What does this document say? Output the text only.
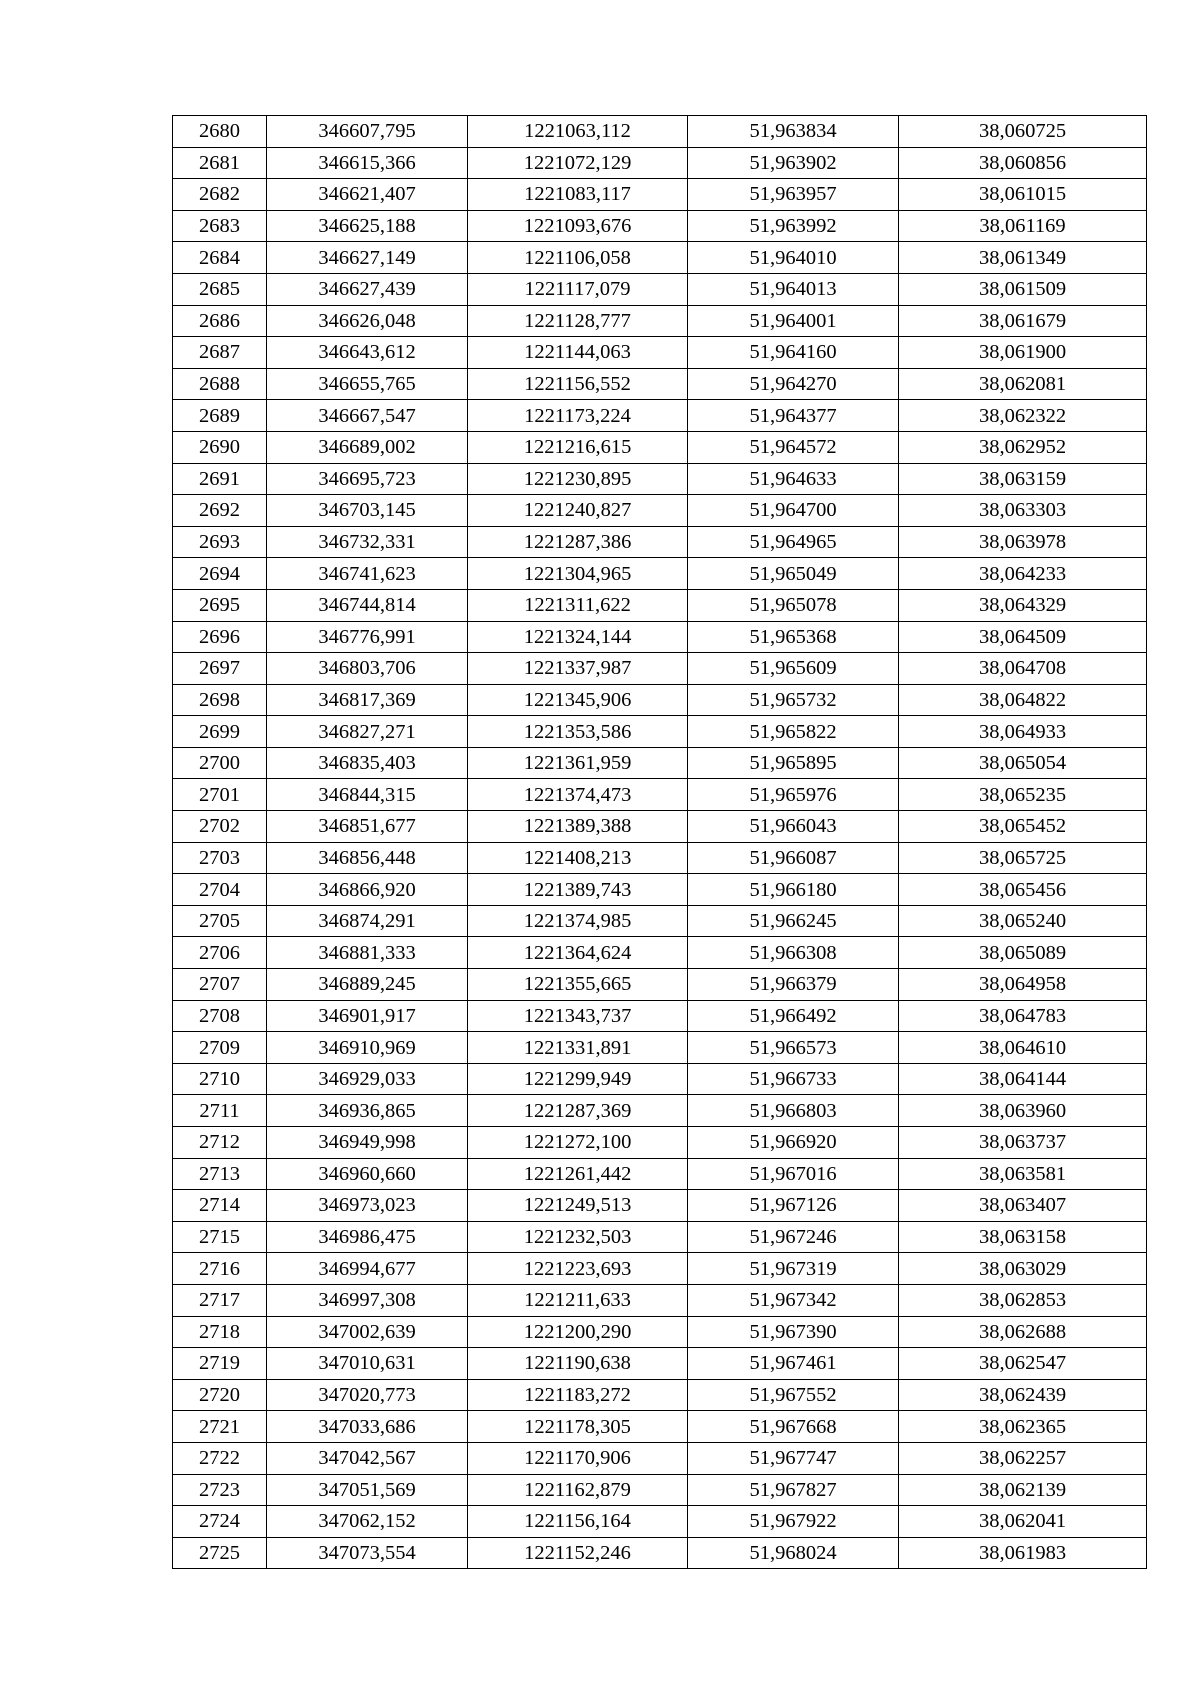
2680	346607,795	1221063,112	51,963834	38,060725
2681	346615,366	1221072,129	51,963902	38,060856
2682	346621,407	1221083,117	51,963957	38,061015
2683	346625,188	1221093,676	51,963992	38,061169
2684	346627,149	1221106,058	51,964010	38,061349
2685	346627,439	1221117,079	51,964013	38,061509
2686	346626,048	1221128,777	51,964001	38,061679
2687	346643,612	1221144,063	51,964160	38,061900
2688	346655,765	1221156,552	51,964270	38,062081
2689	346667,547	1221173,224	51,964377	38,062322
2690	346689,002	1221216,615	51,964572	38,062952
2691	346695,723	1221230,895	51,964633	38,063159
2692	346703,145	1221240,827	51,964700	38,063303
2693	346732,331	1221287,386	51,964965	38,063978
2694	346741,623	1221304,965	51,965049	38,064233
2695	346744,814	1221311,622	51,965078	38,064329
2696	346776,991	1221324,144	51,965368	38,064509
2697	346803,706	1221337,987	51,965609	38,064708
2698	346817,369	1221345,906	51,965732	38,064822
2699	346827,271	1221353,586	51,965822	38,064933
2700	346835,403	1221361,959	51,965895	38,065054
2701	346844,315	1221374,473	51,965976	38,065235
2702	346851,677	1221389,388	51,966043	38,065452
2703	346856,448	1221408,213	51,966087	38,065725
2704	346866,920	1221389,743	51,966180	38,065456
2705	346874,291	1221374,985	51,966245	38,065240
2706	346881,333	1221364,624	51,966308	38,065089
2707	346889,245	1221355,665	51,966379	38,064958
2708	346901,917	1221343,737	51,966492	38,064783
2709	346910,969	1221331,891	51,966573	38,064610
2710	346929,033	1221299,949	51,966733	38,064144
2711	346936,865	1221287,369	51,966803	38,063960
2712	346949,998	1221272,100	51,966920	38,063737
2713	346960,660	1221261,442	51,967016	38,063581
2714	346973,023	1221249,513	51,967126	38,063407
2715	346986,475	1221232,503	51,967246	38,063158
2716	346994,677	1221223,693	51,967319	38,063029
2717	346997,308	1221211,633	51,967342	38,062853
2718	347002,639	1221200,290	51,967390	38,062688
2719	347010,631	1221190,638	51,967461	38,062547
2720	347020,773	1221183,272	51,967552	38,062439
2721	347033,686	1221178,305	51,967668	38,062365
2722	347042,567	1221170,906	51,967747	38,062257
2723	347051,569	1221162,879	51,967827	38,062139
2724	347062,152	1221156,164	51,967922	38,062041
2725	347073,554	1221152,246	51,968024	38,061983
